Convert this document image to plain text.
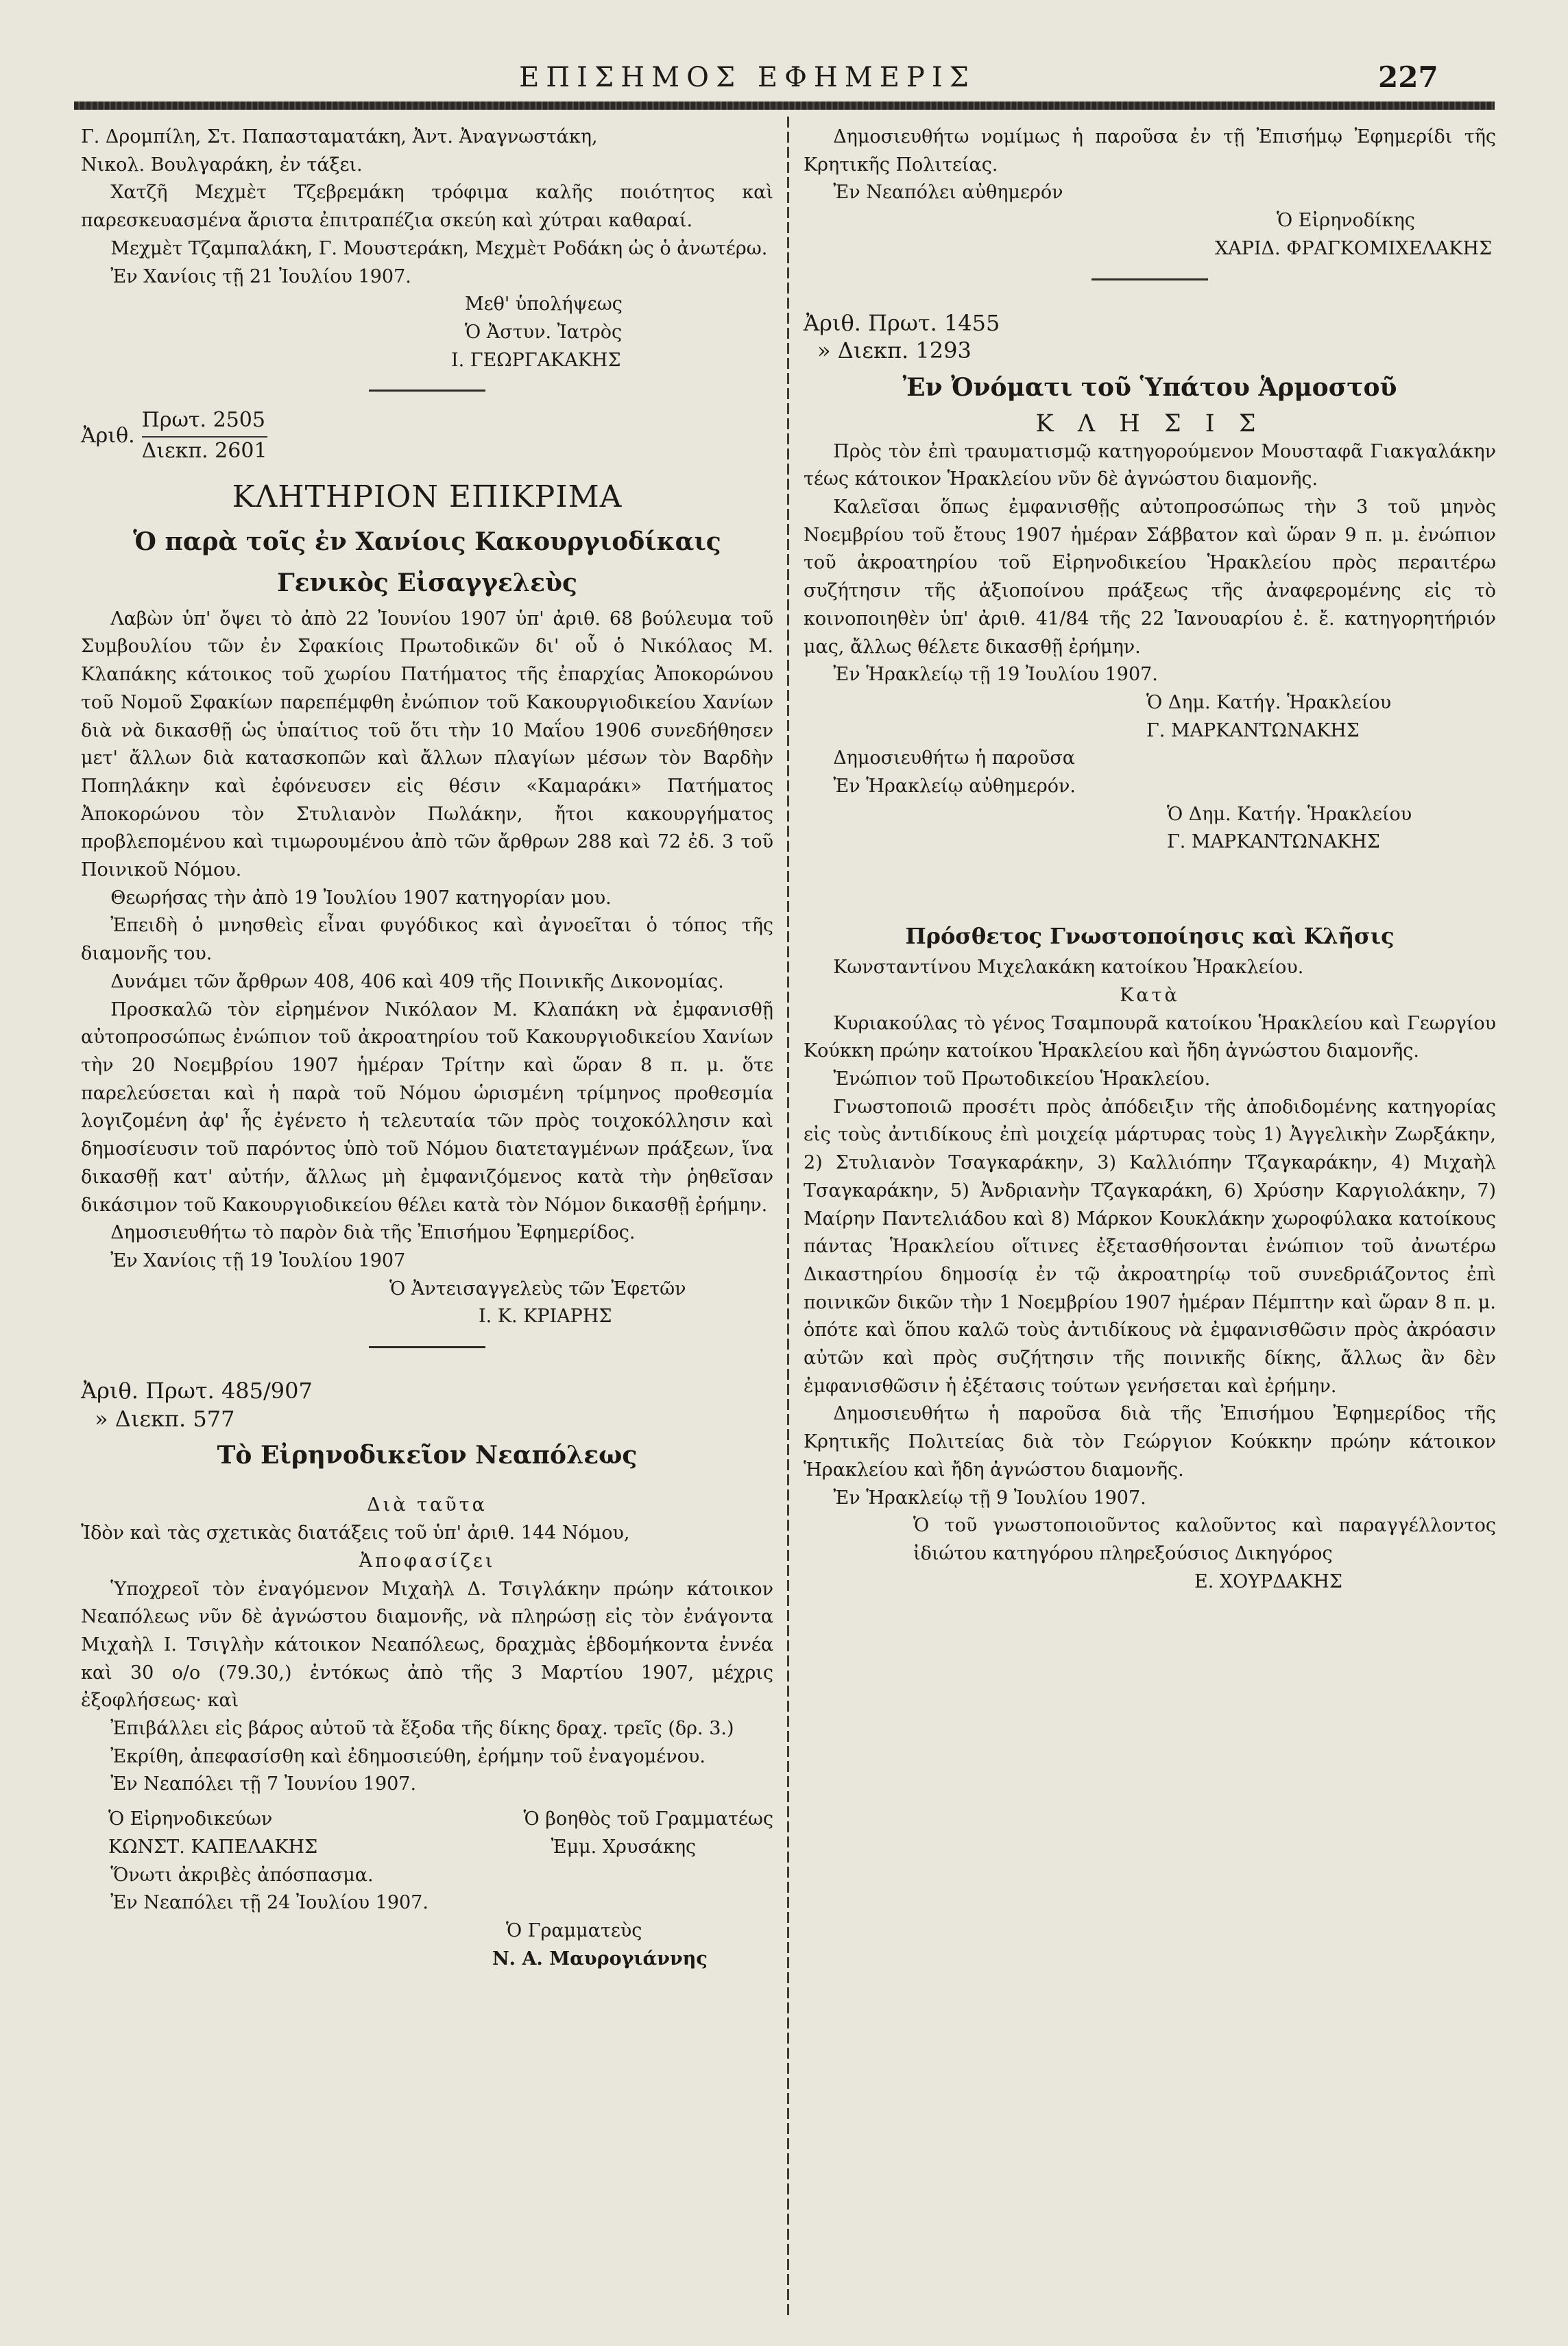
ΕΠΙΣΗΜΟΣ ΕΦΗΜΕΡΙΣ	227

Γ. Δρομπίλη, Στ. Παπασταματάκη, Ἀντ. Ἀναγνωστάκη,

Νικολ. Βουλγαράκη, ἐν τάξει.

Χατζῆ Μεχμὲτ Τζεβρεμάκη τρόφιμα καλῆς ποιότητος καὶ παρεσκευασμένα ἄριστα ἐπιτραπέζια σκεύη καὶ χύτραι καθαραί.

Μεχμὲτ Τζαμπαλάκη, Γ. Μουστεράκη, Μεχμὲτ Ροδάκη ὡς ὁ ἀνωτέρω.

Ἐν Χανίοις τῇ 21 Ἰουλίου 1907.

Μεθ' ὑπολήψεως

Ὁ Ἀστυν. Ἰατρὸς

Ι. ΓΕΩΡΓΑΚΑΚΗΣ

Ἀριθ.
Πρωτ. 2505
Διεκπ. 2601
ΚΛΗΤΗΡΙΟΝ ΕΠΙΚΡΙΜΑ
Ὁ παρὰ τοῖς ἐν Χανίοις Κακουργιοδίκαις
Γενικὸς Εἰσαγγελεὺς

Λαβὼν ὑπ' ὄψει τὸ ἀπὸ 22 Ἰουνίου 1907 ὑπ' ἀριθ. 68 βούλευμα τοῦ Συμβουλίου τῶν ἐν Σφακίοις Πρωτοδικῶν δι' οὗ ὁ Νικόλαος Μ. Κλαπάκης κάτοικος τοῦ χωρίου Πατήματος τῆς ἐπαρχίας Ἀποκορώνου τοῦ Νομοῦ Σφακίων παρεπέμφθη ἐνώπιον τοῦ Κακουργιοδικείου Χανίων διὰ νὰ δικασθῇ ὡς ὑπαίτιος τοῦ ὅτι τὴν 10 Μαΐου 1906 συνεδήθησεν μετ' ἄλλων διὰ κατασκοπῶν καὶ ἄλλων πλαγίων μέσων τὸν Βαρδὴν Ποπηλάκην καὶ ἐφόνευσεν εἰς θέσιν «Καμαράκι» Πατήματος Ἀποκορώνου τὸν Στυλιανὸν Πωλάκην, ἤτοι κακουργήματος προβλεπομένου καὶ τιμωρουμένου ἀπὸ τῶν ἄρθρων 288 καὶ 72 ἐδ. 3 τοῦ Ποινικοῦ Νόμου.

Θεωρήσας τὴν ἀπὸ 19 Ἰουλίου 1907 κατηγορίαν μου.

Ἐπειδὴ ὁ μνησθεὶς εἶναι φυγόδικος καὶ ἀγνοεῖται ὁ τόπος τῆς διαμονῆς του.

Δυνάμει τῶν ἄρθρων 408, 406 καὶ 409 τῆς Ποινικῆς Δικονομίας.

Προσκαλῶ τὸν εἰρημένον Νικόλαον Μ. Κλαπάκη νὰ ἐμφανισθῇ αὐτοπροσώπως ἐνώπιον τοῦ ἀκροατηρίου τοῦ Κακουργιοδικείου Χανίων τὴν 20 Νοεμβρίου 1907 ἡμέραν Τρίτην καὶ ὥραν 8 π. μ. ὅτε παρελεύσεται καὶ ἡ παρὰ τοῦ Νόμου ὡρισμένη τρίμηνος προθεσμία λογιζομένη ἀφ' ἧς ἐγένετο ἡ τελευταία τῶν πρὸς τοιχοκόλλησιν καὶ δημοσίευσιν τοῦ παρόντος ὑπὸ τοῦ Νόμου διατεταγμένων πράξεων, ἵνα δικασθῇ κατ' αὐτήν, ἄλλως μὴ ἐμφανιζόμενος κατὰ τὴν ῥηθεῖσαν δικάσιμον τοῦ Κακουργιοδικείου θέλει κατὰ τὸν Νόμον δικασθῇ ἐρήμην.

Δημοσιευθήτω τὸ παρὸν διὰ τῆς Ἐπισήμου Ἐφημερίδος.

Ἐν Χανίοις τῇ 19 Ἰουλίου 1907

Ὁ Ἀντεισαγγελεὺς τῶν Ἐφετῶν

Ι. Κ. ΚΡΙΑΡΗΣ

Ἀριθ. Πρωτ. 485/907

» Διεκπ. 577

Τὸ Εἰρηνοδικεῖον Νεαπόλεως

Διὰ ταῦτα

Ἰδὸν καὶ τὰς σχετικὰς διατάξεις τοῦ ὑπ' ἀριθ. 144 Νόμου,

Ἀποφασίζει

Ὑποχρεοῖ τὸν ἐναγόμενον Μιχαὴλ Δ. Τσιγλάκην πρώην κάτοικον Νεαπόλεως νῦν δὲ ἀγνώστου διαμονῆς, νὰ πληρώσῃ εἰς τὸν ἐνάγοντα Μιχαὴλ Ι. Τσιγλὴν κάτοικον Νεαπόλεως, δραχμὰς ἑβδομήκοντα ἐννέα καὶ 30 ο/ο (79.30,) ἐντόκως ἀπὸ τῆς 3 Μαρτίου 1907, μέχρις ἐξοφλήσεως· καὶ

Ἐπιβάλλει εἰς βάρος αὐτοῦ τὰ ἔξοδα τῆς δίκης δραχ. τρεῖς (δρ. 3.)

Ἐκρίθη, ἀπεφασίσθη καὶ ἐδημοσιεύθη, ἐρήμην τοῦ ἐναγομένου.

Ἐν Νεαπόλει τῇ 7 Ἰουνίου 1907.

Ὁ Εἰρηνοδικεύων

ΚΩΝΣΤ. ΚΑΠΕΛΑΚΗΣ

Ὁ βοηθὸς τοῦ Γραμματέως

Ἐμμ. Χρυσάκης

Ὅνωτι ἀκριβὲς ἀπόσπασμα.

Ἐν Νεαπόλει τῇ 24 Ἰουλίου 1907.

Ὁ Γραμματεὺς

Ν. Α. Μαυρογιάννης

Δημοσιευθήτω νομίμως ἡ παροῦσα ἐν τῇ Ἐπισήμῳ Ἐφημερίδι τῆς Κρητικῆς Πολιτείας.

Ἐν Νεαπόλει αὐθημερόν

Ὁ Εἰρηνοδίκης

ΧΑΡΙΔ. ΦΡΑΓΚΟΜΙΧΕΛΑΚΗΣ

Ἀριθ. Πρωτ. 1455

» Διεκπ. 1293

Ἐν Ὀνόματι τοῦ Ὑπάτου Ἁρμοστοῦ
Κ Λ Η Σ Ι Σ

Πρὸς τὸν ἐπὶ τραυματισμῷ κατηγορούμενον Μουσταφᾶ Γιακγαλάκην τέως κάτοικον Ἡρακλείου νῦν δὲ ἀγνώστου διαμονῆς.

Καλεῖσαι ὅπως ἐμφανισθῇς αὐτοπροσώπως τὴν 3 τοῦ μηνὸς Νοεμβρίου τοῦ ἔτους 1907 ἡμέραν Σάββατον καὶ ὥραν 9 π. μ. ἐνώπιον τοῦ ἀκροατηρίου τοῦ Εἰρηνοδικείου Ἡρακλείου πρὸς περαιτέρω συζήτησιν τῆς ἀξιοποίνου πράξεως τῆς ἀναφερομένης εἰς τὸ κοινοποιηθὲν ὑπ' ἀριθ. 41/84 τῆς 22 Ἰανουαρίου ἐ. ἔ. κατηγορητήριόν μας, ἄλλως θέλετε δικασθῇ ἐρήμην.

Ἐν Ἡρακλείῳ τῇ 19 Ἰουλίου 1907.

Ὁ Δημ. Κατήγ. Ἡρακλείου

Γ. ΜΑΡΚΑΝΤΩΝΑΚΗΣ

Δημοσιευθήτω ἡ παροῦσα

Ἐν Ἡρακλείῳ αὐθημερόν.

Ὁ Δημ. Κατήγ. Ἡρακλείου

Γ. ΜΑΡΚΑΝΤΩΝΑΚΗΣ

Πρόσθετος Γνωστοποίησις καὶ Κλῆσις

Κωνσταντίνου Μιχελακάκη κατοίκου Ἡρακλείου.

Κατὰ

Κυριακούλας τὸ γένος Τσαμπουρᾶ κατοίκου Ἡρακλείου καὶ Γεωργίου Κούκκη πρώην κατοίκου Ἡρακλείου καὶ ἤδη ἀγνώστου διαμονῆς.

Ἐνώπιον τοῦ Πρωτοδικείου Ἡρακλείου.

Γνωστοποιῶ προσέτι πρὸς ἀπόδειξιν τῆς ἀποδιδομένης κατηγορίας εἰς τοὺς ἀντιδίκους ἐπὶ μοιχείᾳ μάρτυρας τοὺς 1) Ἀγγελικὴν Ζωρξάκην, 2) Στυλιανὸν Τσαγκαράκην, 3) Καλλιόπην Τζαγκαράκην, 4) Μιχαὴλ Τσαγκαράκην, 5) Ἀνδριανὴν Τζαγκαράκη, 6) Χρύσην Καργιολάκην, 7) Μαίρην Παντελιάδου καὶ 8) Μάρκον Κουκλάκην χωροφύλακα κατοίκους πάντας Ἡρακλείου οἵτινες ἐξετασθήσονται ἐνώπιον τοῦ ἀνωτέρω Δικαστηρίου δημοσίᾳ ἐν τῷ ἀκροατηρίῳ τοῦ συνεδριάζοντος ἐπὶ ποινικῶν δικῶν τὴν 1 Νοεμβρίου 1907 ἡμέραν Πέμπτην καὶ ὥραν 8 π. μ. ὁπότε καὶ ὅπου καλῶ τοὺς ἀντιδίκους νὰ ἐμφανισθῶσιν πρὸς ἀκρόασιν αὐτῶν καὶ πρὸς συζήτησιν τῆς ποινικῆς δίκης, ἄλλως ἂν δὲν ἐμφανισθῶσιν ἡ ἐξέτασις τούτων γενήσεται καὶ ἐρήμην.

Δημοσιευθήτω ἡ παροῦσα διὰ τῆς Ἐπισήμου Ἐφημερίδος τῆς Κρητικῆς Πολιτείας διὰ τὸν Γεώργιον Κούκκην πρώην κάτοικον Ἡρακλείου καὶ ἤδη ἀγνώστου διαμονῆς.

Ἐν Ἡρακλείῳ τῇ 9 Ἰουλίου 1907.

Ὁ τοῦ γνωστοποιοῦντος καλοῦντος καὶ παραγγέλλοντος ἰδιώτου κατηγόρου πληρεξούσιος Δικηγόρος

Ε. ΧΟΥΡΔΑΚΗΣ
